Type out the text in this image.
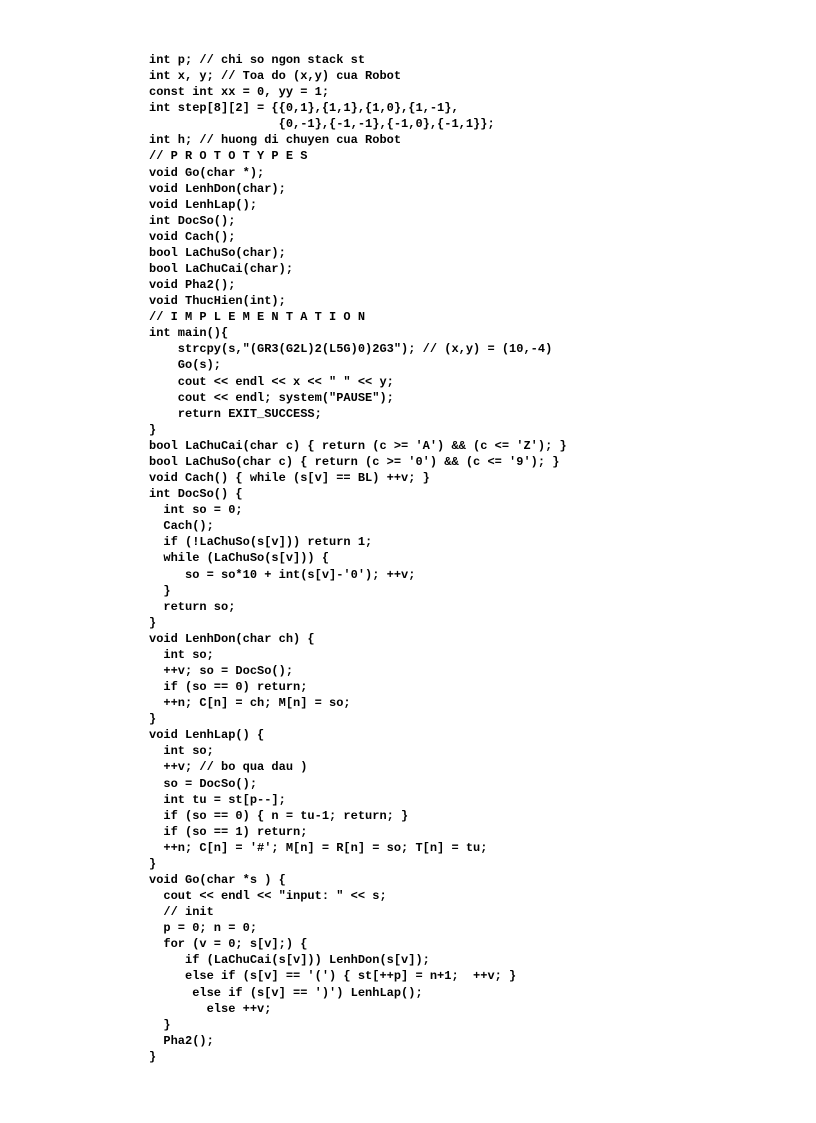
int p; // chi so ngon stack st
int x, y; // Toa do (x,y) cua Robot
const int xx = 0, yy = 1;
int step[8][2] = {{0,1},{1,1},{1,0},{1,-1},
{0,-1},{-1,-1},{-1,0},{-1,1}};
int h; // huong di chuyen cua Robot
// P R O T O T Y P E S
void Go(char *);
void LenhDon(char);
void LenhLap();
int DocSo();
void Cach();
bool LaChuSo(char);
bool LaChuCai(char);
void Pha2();
void ThucHien(int);
// I M P L E M E N T A T I O N
int main(){
strcpy(s,"(GR3(G2L)2(L5G)0)2G3"); // (x,y) = (10,-4)
Go(s);
cout << endl << x << " " << y;
cout << endl; system("PAUSE");
return EXIT_SUCCESS;
}
bool LaChuCai(char c) { return (c >= 'A') && (c <= 'Z'); }
bool LaChuSo(char c) { return (c >= '0') && (c <= '9'); }
void Cach() { while (s[v] == BL) ++v; }
int DocSo() {
int so = 0;
Cach();
if (!LaChuSo(s[v])) return 1;
while (LaChuSo(s[v])) {
so = so*10 + int(s[v]-'0'); ++v;
}
return so;
}
void LenhDon(char ch) {
int so;
++v; so = DocSo();
if (so == 0) return;
++n; C[n] = ch; M[n] = so;
}
void LenhLap() {
int so;
++v; // bo qua dau )
so = DocSo();
int tu = st[p--];
if (so == 0) { n = tu-1; return; }
if (so == 1) return;
++n; C[n] = '#'; M[n] = R[n] = so; T[n] = tu;
}
void Go(char *s ) {
cout << endl << "input: " << s;
// init
p = 0; n = 0;
for (v = 0; s[v];) {
if (LaChuCai(s[v])) LenhDon(s[v]);
else if (s[v] == '(') { st[++p] = n+1;  ++v; }
else if (s[v] == ')') LenhLap();
else ++v;
}
Pha2();
}
